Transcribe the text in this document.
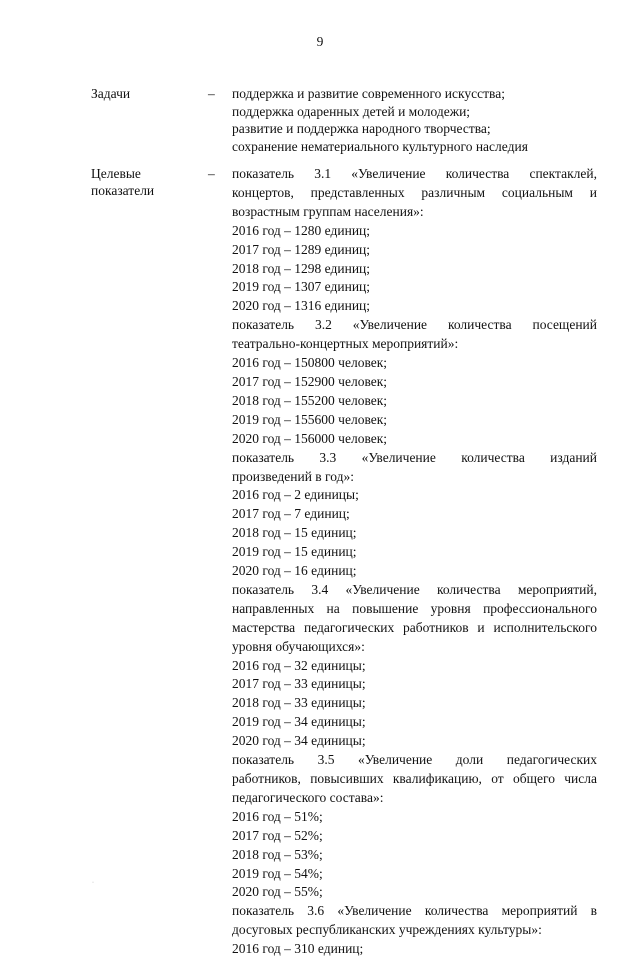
9
Задачи	– поддержка и развитие современного искусства;
поддержка одаренных детей и молодежи;
развитие и поддержка народного творчества;
сохранение нематериального культурного наследия
Целевые
показатели
– показатель 3.1 «Увеличение количества спектаклей,
концертов, представленных различным социальным и
возрастным группам населения»:
2016 год – 1280 единиц;
2017 год – 1289 единиц;
2018 год – 1298 единиц;
2019 год – 1307 единиц;
2020 год – 1316 единиц;
показатель 3.2 «Увеличение количества посещений
театрально-концертных мероприятий»:
2016 год – 150800 человек;
2017 год – 152900 человек;
2018 год – 155200 человек;
2019 год – 155600 человек;
2020 год – 156000 человек;
показатель 3.3 «Увеличение количества изданий
произведений в год»:
2016 год – 2 единицы;
2017 год – 7 единиц;
2018 год – 15 единиц;
2019 год – 15 единиц;
2020 год – 16 единиц;
показатель 3.4 «Увеличение количества мероприятий,
направленных на повышение уровня профессионального
мастерства педагогических работников и исполнительского
уровня обучающихся»:
2016 год – 32 единицы;
2017 год – 33 единицы;
2018 год – 33 единицы;
2019 год – 34 единицы;
2020 год – 34 единицы;
показатель 3.5 «Увеличение доли педагогических
работников, повысивших квалификацию, от общего числа
педагогического состава»:
2016 год – 51%;
2017 год – 52%;
2018 год – 53%;
2019 год – 54%;
2020 год – 55%;
показатель 3.6 «Увеличение количества мероприятий в
досуговых республиканских учреждениях культуры»:
2016 год – 310 единиц;
·
